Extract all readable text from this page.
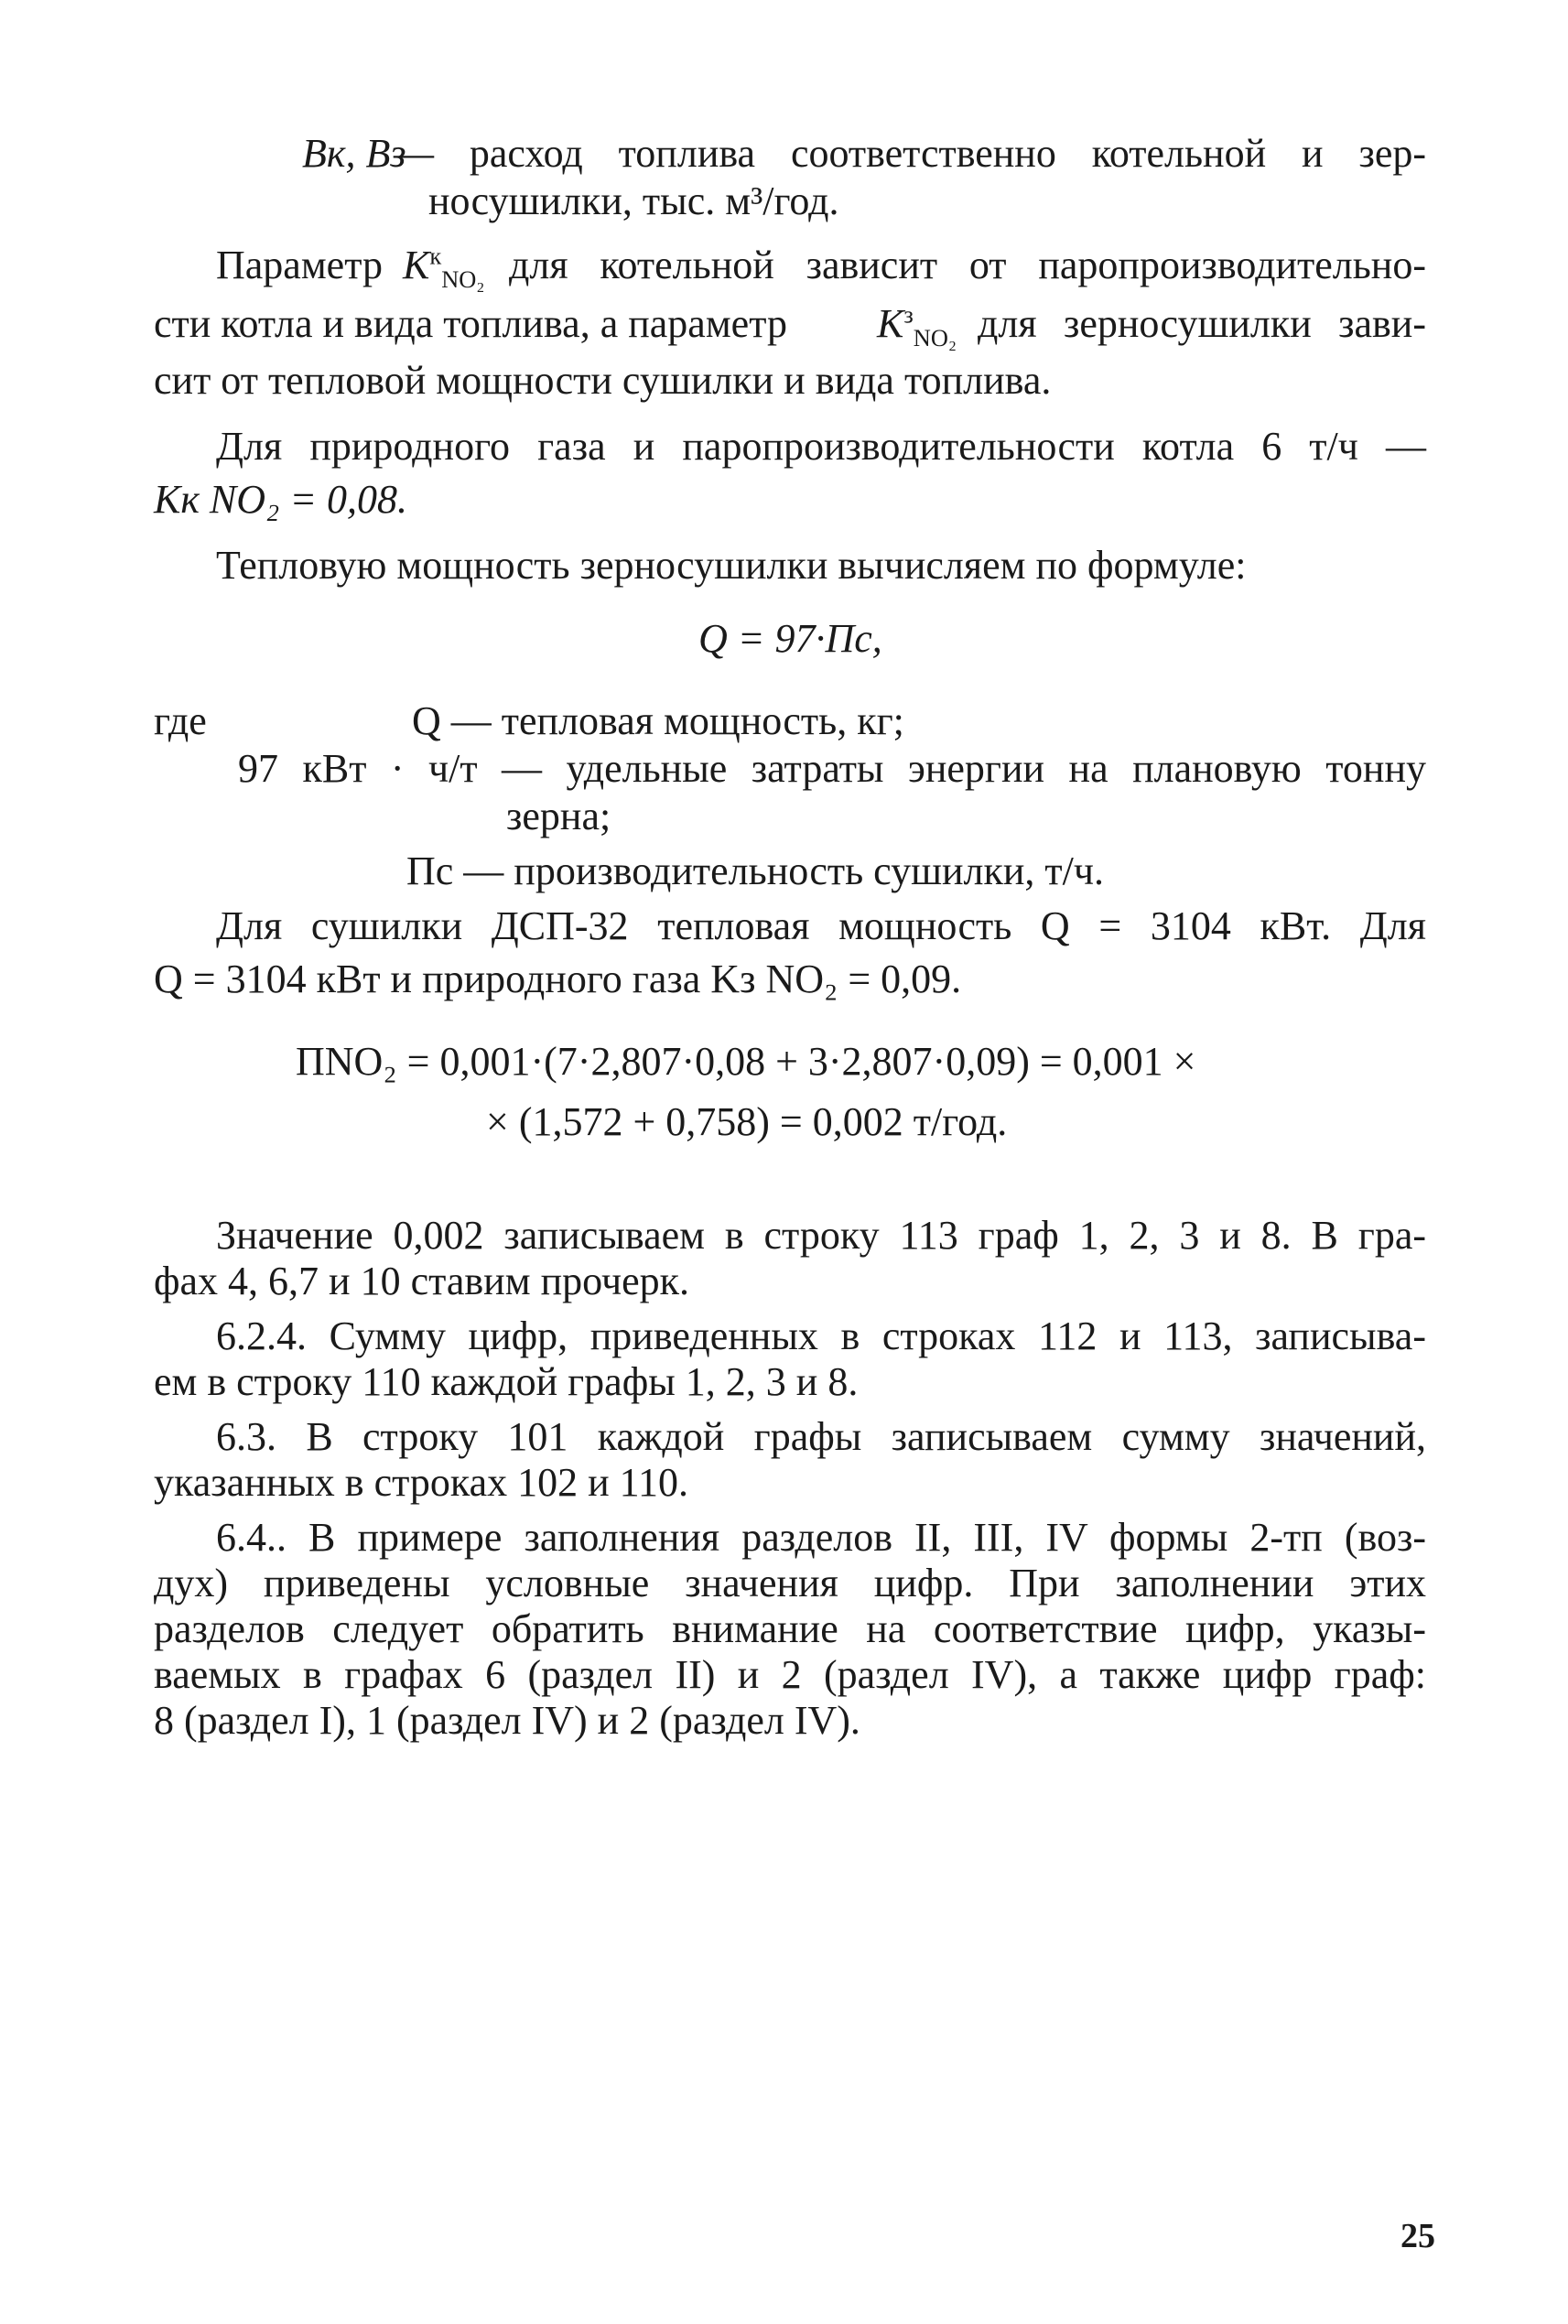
Bк, Bз
— расход топлива соответственно котельной и зер-
носушилки, тыс. м³/год.
Параметр $K^к_{NO_2}$ для котельной зависит от паропроизводительно-
сти котла и вида топлива, а параметр $K^з_{NO_2}$ для зерносушилки зави-
сит от тепловой мощности сушилки и вида топлива.
Для природного газа и паропроизводительности котла 6 т/ч —
Kк NO₂ = 0,08.
Тепловую мощность зерносушилки вычисляем по формуле:
Q = 97·Пс,
где	Q — тепловая мощность, кг;
97 кВт · ч/т — удельные затраты энергии на плановую тонну
зерна;
Пс — производительность сушилки, т/ч.
Для сушилки ДСП-32 тепловая мощность Q = 3104 кВт. Для
Q = 3104 кВт и природного газа Kз NO₂ = 0,09.
ПNO₂ = 0,001·(7·2,807·0,08 + 3·2,807·0,09) = 0,001 ×
× (1,572 + 0,758) = 0,002 т/год.
Значение 0,002 записываем в строку 113 граф 1, 2, 3 и 8. В гра-
фах 4, 6,7 и 10 ставим прочерк.
6.2.4. Сумму цифр, приведенных в строках 112 и 113, записыва-
ем в строку 110 каждой графы 1, 2, 3 и 8.
6.3. В строку 101 каждой графы записываем сумму значений,
указанных в строках 102 и 110.
6.4.. В примере заполнения разделов II, III, IV формы 2-тп (воз-
дух) приведены условные значения цифр. При заполнении этих
разделов следует обратить внимание на соответствие цифр, указы-
ваемых в графах 6 (раздел II) и 2 (раздел IV), а также цифр граф:
8 (раздел I), 1 (раздел IV) и 2 (раздел IV).
25
